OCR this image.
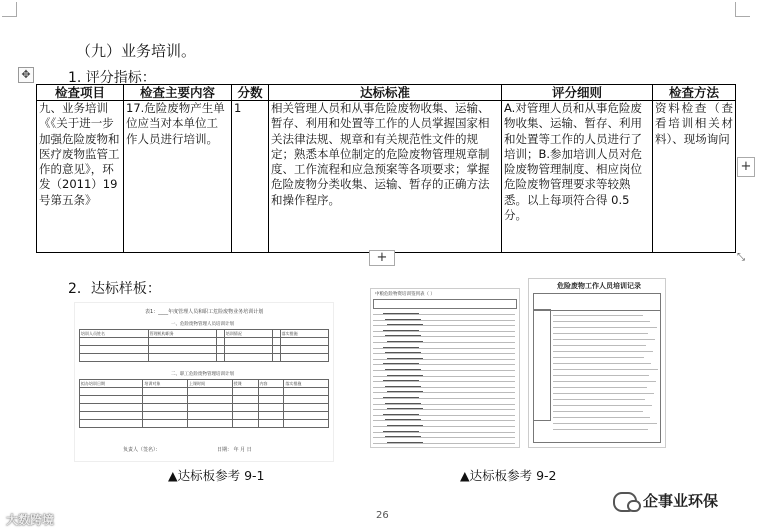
（九）业务培训。
✥	1. 评分指标：
检查项目	检查主要内容	分数	达标标准	评分细则	检查方法
九、业务培训《《关于进一步加强危险废物和医疗废物监管工作的意见》，环发（2011）19 号第五条》	17.危险废物产生单位应当对本单位工作人员进行培训。	1	相关管理人员和从事危险废物收集、运输、暂存、利用和处置等工作的人员掌握国家相关法律法规、规章和有关规范性文件的规定；熟悉本单位制定的危险废物管理规章制度、工作流程和应急预案等各项要求；掌握危险废物分类收集、运输、暂存的正确方法和操作程序。	A.对管理人员和从事危险废物收集、运输、暂存、利用和处置等工作的人员进行了培训；B.参加培训人员对危险废物管理制度、相应岗位危险废物管理要求等较熟悉。以上每项符合得 0.5 分。	资料检查（查看培训相关材料）、现场询问
+
+	⤡
2．达标样板：
表1：____年度管理人员和职工危险废物业务培训计划
一、危险废物管理人员培训计划
培训人员姓名	管理机构职务		培训情况		落实措施

二、职工危险废物管理培训计划
拟办培训日期	培训对象	上课时间	授课	内容	落实措施

负责人（签名）：	日期： 年 月 日
中粮危险物资培训签到表（ ）
危险废物工作人员培训记录
▲达标板参考 9-1	▲达标板参考 9-2
26
大数跨境
企事业环保
